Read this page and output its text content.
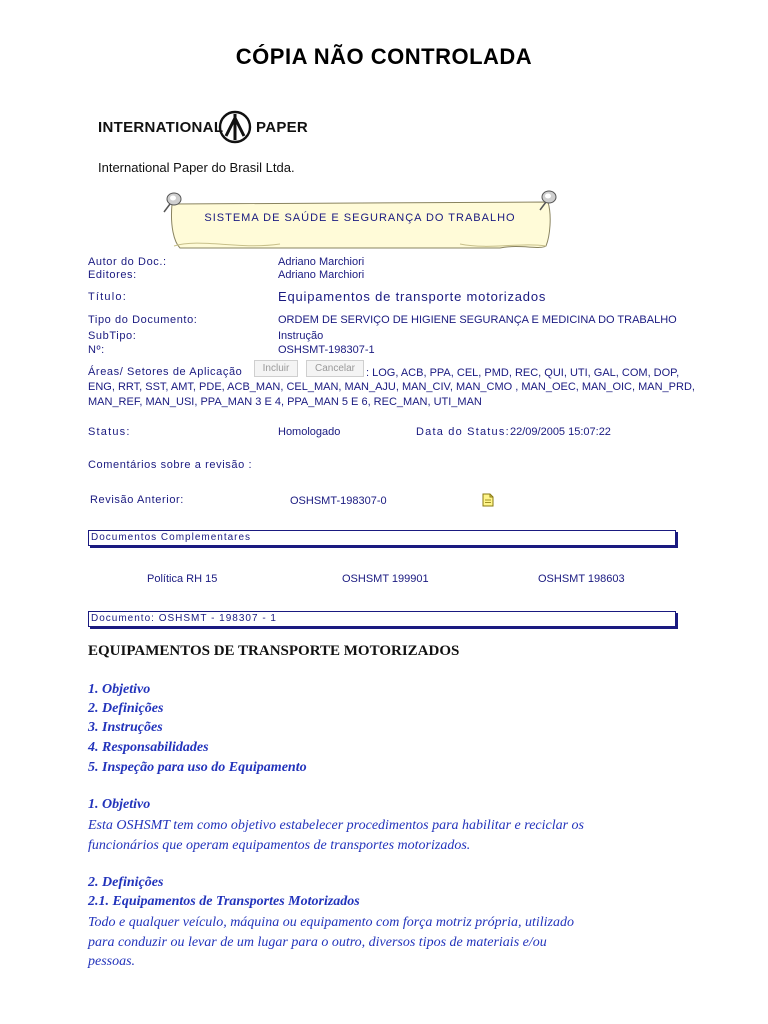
CÓPIA NÃO CONTROLADA
INTERNATIONAL PAPER
International Paper do Brasil Ltda.
SISTEMA DE SAÚDE E SEGURANÇA DO TRABALHO
Autor do Doc.:	Adriano Marchiori
Editores:	Adriano Marchiori
Título:	Equipamentos de transporte motorizados
Tipo do Documento:	ORDEM DE SERVIÇO DE HIGIENE SEGURANÇA E MEDICINA DO TRABALHO
SubTipo:	Instrução
Nº:	OSHSMT-198307-1
Áreas/ Setores de Aplicação	Incluir	Cancelar : LOG, ACB, PPA, CEL, PMD, REC, QUI, UTI, GAL, COM, DOP,
ENG, RRT, SST, AMT, PDE, ACB_MAN, CEL_MAN, MAN_AJU, MAN_CIV, MAN_CMO , MAN_OEC, MAN_OIC, MAN_PRD,
MAN_REF, MAN_USI, PPA_MAN 3 E 4, PPA_MAN 5 E 6, REC_MAN, UTI_MAN
Status:	Homologado	Data do Status: 22/09/2005 15:07:22
Comentários sobre a revisão :
Revisão Anterior:	OSHSMT-198307-0
Documentos Complementares
Política RH 15	OSHSMT 199901	OSHSMT 198603
Documento: OSHSMT - 198307 - 1
EQUIPAMENTOS DE TRANSPORTE MOTORIZADOS
1. Objetivo
2. Definições
3. Instruções
4. Responsabilidades
5. Inspeção para uso do Equipamento
1. Objetivo
Esta OSHSMT tem como objetivo estabelecer procedimentos para habilitar e reciclar os
funcionários que operam equipamentos de transportes motorizados.
2. Definições
2.1. Equipamentos de Transportes Motorizados
Todo e qualquer veículo, máquina ou equipamento com força motriz própria, utilizado
para conduzir ou levar de um lugar para o outro, diversos tipos de materiais e/ou
pessoas.
